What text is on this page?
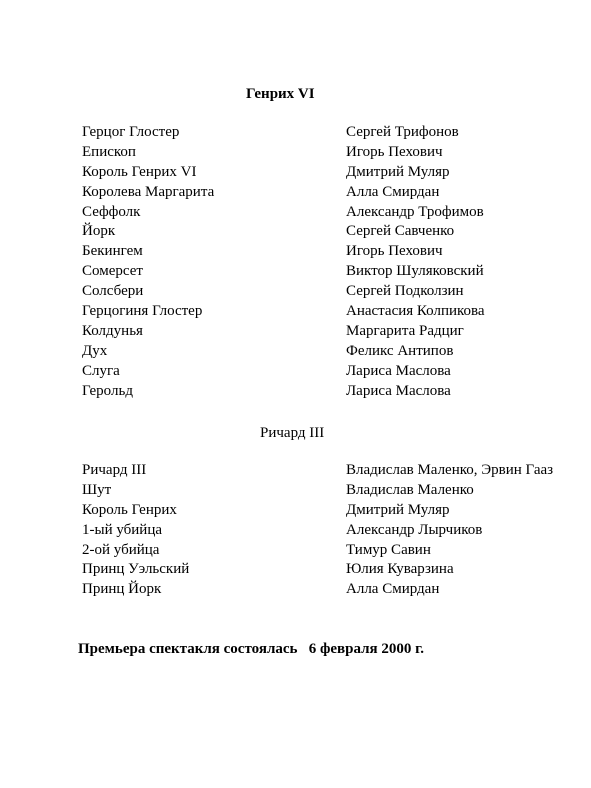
Генрих VI
Герцог Глостер	Сергей Трифонов
Епископ	Игорь Пехович
Король Генрих VI	Дмитрий Муляр
Королева Маргарита	Алла Смирдан
Сеффолк	Александр Трофимов
Йорк	Сергей Савченко
Бекингем	Игорь Пехович
Сомерсет	Виктор Шуляковский
Солсбери	Сергей Подколзин
Герцогиня Глостер	Анастасия Колпикова
Колдунья	Маргарита Радциг
Дух	Феликс Антипов
Слуга	Лариса Маслова
Герольд	Лариса Маслова
Ричард III
Ричард III	Владислав Маленко, Эрвин Гааз
Шут	Владислав Маленко
Король Генрих	Дмитрий Муляр
1-ый убийца	Александр Лырчиков
2-ой убийца	Тимур Савин
Принц Уэльский	Юлия Куварзина
Принц Йорк	Алла Смирдан

Премьера спектакля состоялась   6 февраля 2000 г.
